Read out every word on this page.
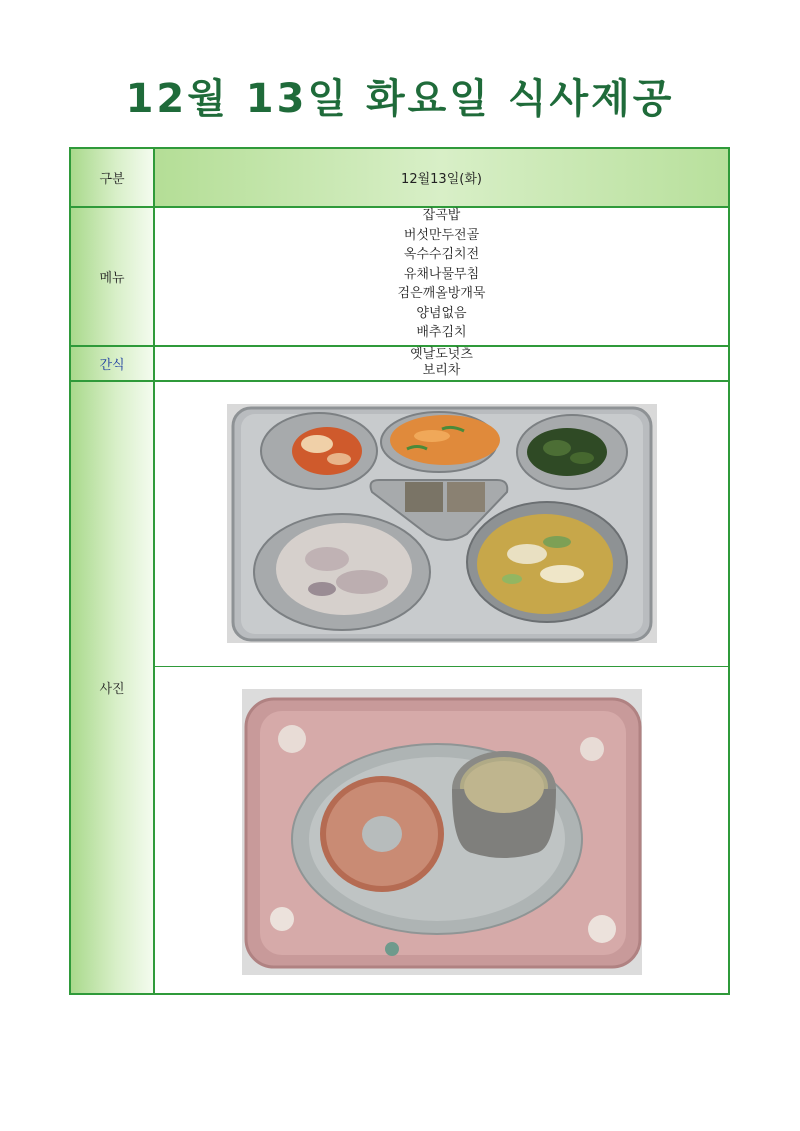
12월 13일 화요일 식사제공
구분	12월13일(화)
메뉴
잡곡밥
버섯만두전골
옥수수김치전
유채나물무침
검은깨올방개묵
양념없음
배추김치
간식
옛날도넛츠
보리차
사진
